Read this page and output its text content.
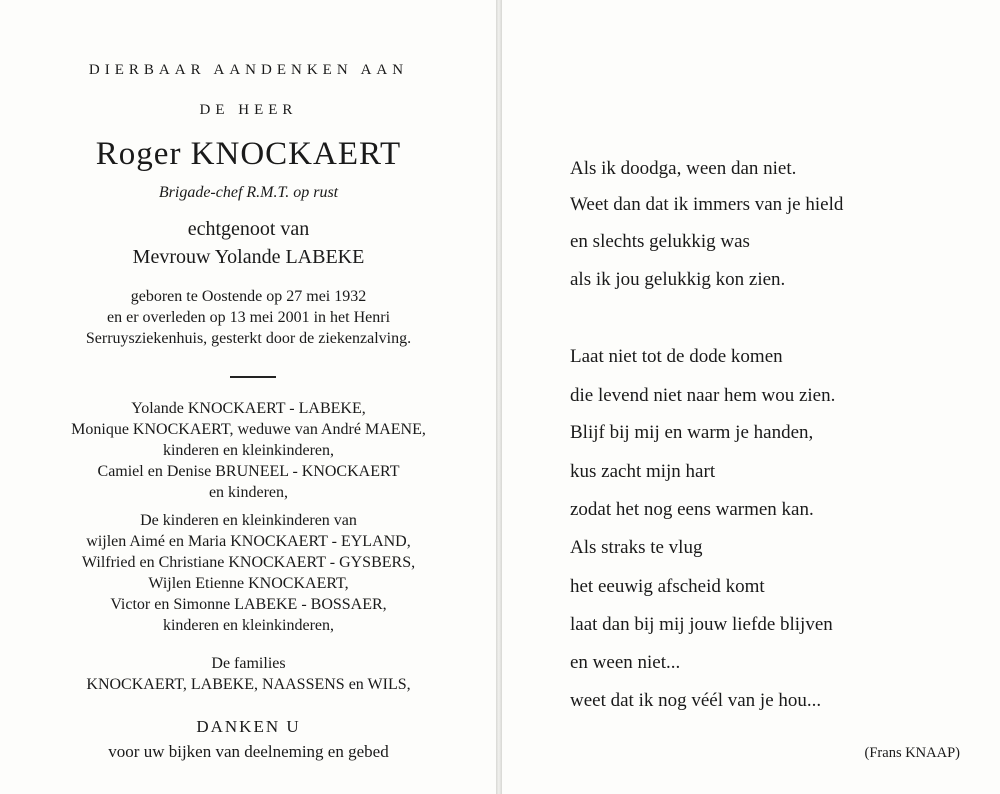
DIERBAAR AANDENKEN AAN
DE HEER
Roger KNOCKAERT
Brigade-chef R.M.T. op rust
echtgenoot van
Mevrouw Yolande LABEKE
geboren te Oostende op 27 mei 1932
en er overleden op 13 mei 2001 in het Henri
Serruysziekenhuis, gesterkt door de ziekenzalving.
Yolande KNOCKAERT - LABEKE,
Monique KNOCKAERT, weduwe van André MAENE,
kinderen en kleinkinderen,
Camiel en Denise BRUNEEL - KNOCKAERT
en kinderen,
De kinderen en kleinkinderen van
wijlen Aimé en Maria KNOCKAERT - EYLAND,
Wilfried en Christiane KNOCKAERT - GYSBERS,
Wijlen Etienne KNOCKAERT,
Victor en Simonne LABEKE - BOSSAER,
kinderen en kleinkinderen,
De families
KNOCKAERT, LABEKE, NAASSENS en WILS,
DANKEN U
voor uw bijken van deelneming en gebed
Als ik doodga, ween dan niet.
Weet dan dat ik immers van je hield
en slechts gelukkig was
als ik jou gelukkig kon zien.
Laat niet tot de dode komen
die levend niet naar hem wou zien.
Blijf bij mij en warm je handen,
kus zacht mijn hart
zodat het nog eens warmen kan.
Als straks te vlug
het eeuwig afscheid komt
laat dan bij mij jouw liefde blijven
en ween niet...
weet dat ik nog véél van je hou...
(Frans KNAAP)
